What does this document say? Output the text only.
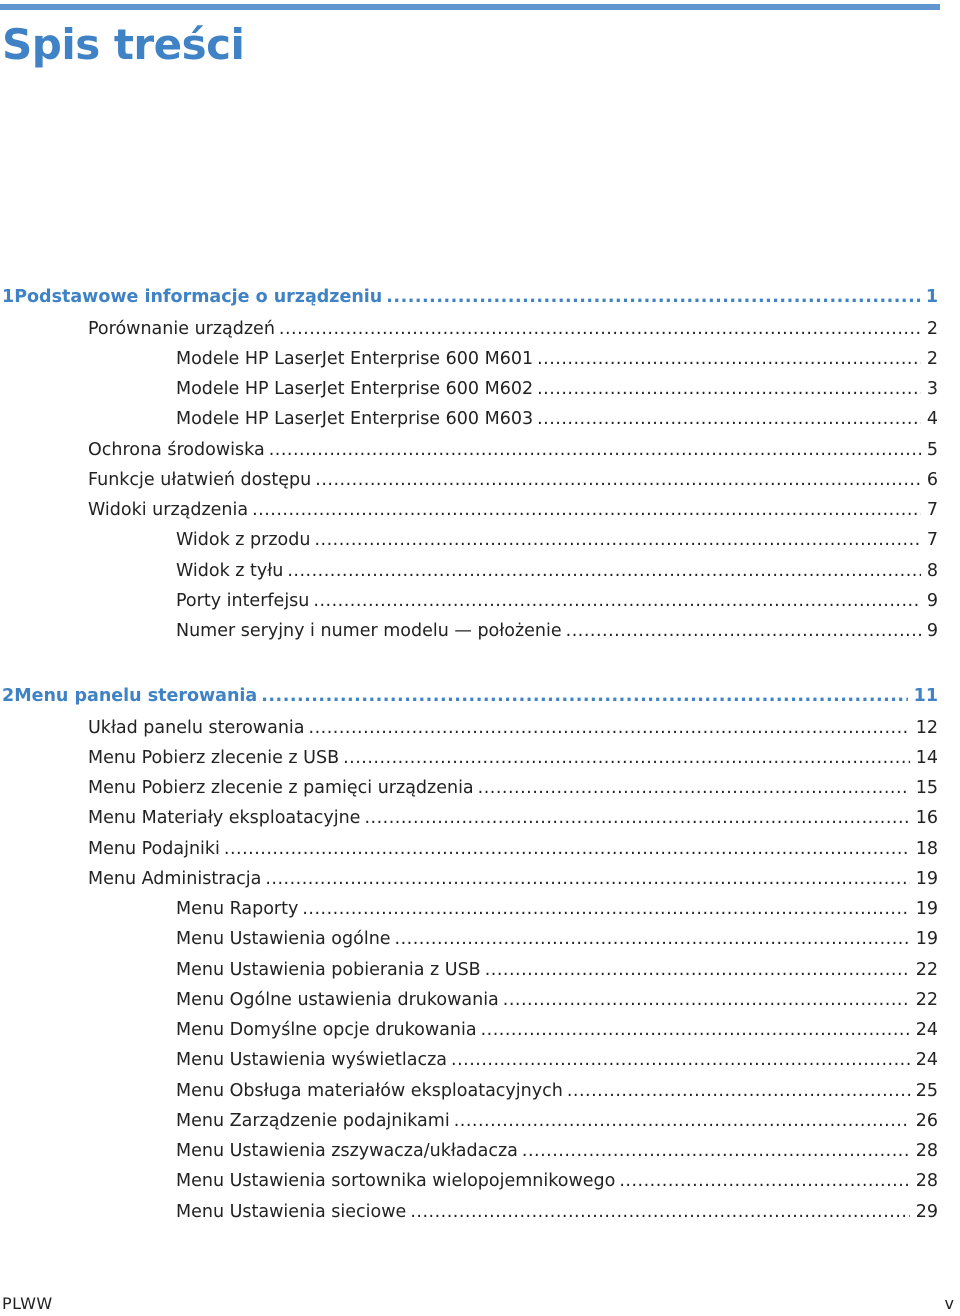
Spis treści
1 Podstawowe informacje o urządzeniu .....	1
Porównanie urządzeń .....	2
Modele HP LaserJet Enterprise 600 M601 .....	2
Modele HP LaserJet Enterprise 600 M602 .....	3
Modele HP LaserJet Enterprise 600 M603 .....	4
Ochrona środowiska .....	5
Funkcje ułatwień dostępu .....	6
Widoki urządzenia .....	7
Widok z przodu .....	7
Widok z tyłu .....	8
Porty interfejsu .....	9
Numer seryjny i numer modelu — położenie .....	9
2 Menu panelu sterowania .....	11
Układ panelu sterowania .....	12
Menu Pobierz zlecenie z USB .....	14
Menu Pobierz zlecenie z pamięci urządzenia .....	15
Menu Materiały eksploatacyjne .....	16
Menu Podajniki .....	18
Menu Administracja .....	19
Menu Raporty .....	19
Menu Ustawienia ogólne .....	19
Menu Ustawienia pobierania z USB .....	22
Menu Ogólne ustawienia drukowania .....	22
Menu Domyślne opcje drukowania .....	24
Menu Ustawienia wyświetlacza .....	24
Menu Obsługa materiałów eksploatacyjnych .....	25
Menu Zarządzenie podajnikami .....	26
Menu Ustawienia zszywacza/układacza .....	28
Menu Ustawienia sortownika wielopojemnikowego .....	28
Menu Ustawienia sieciowe .....	29
PLWW	v
